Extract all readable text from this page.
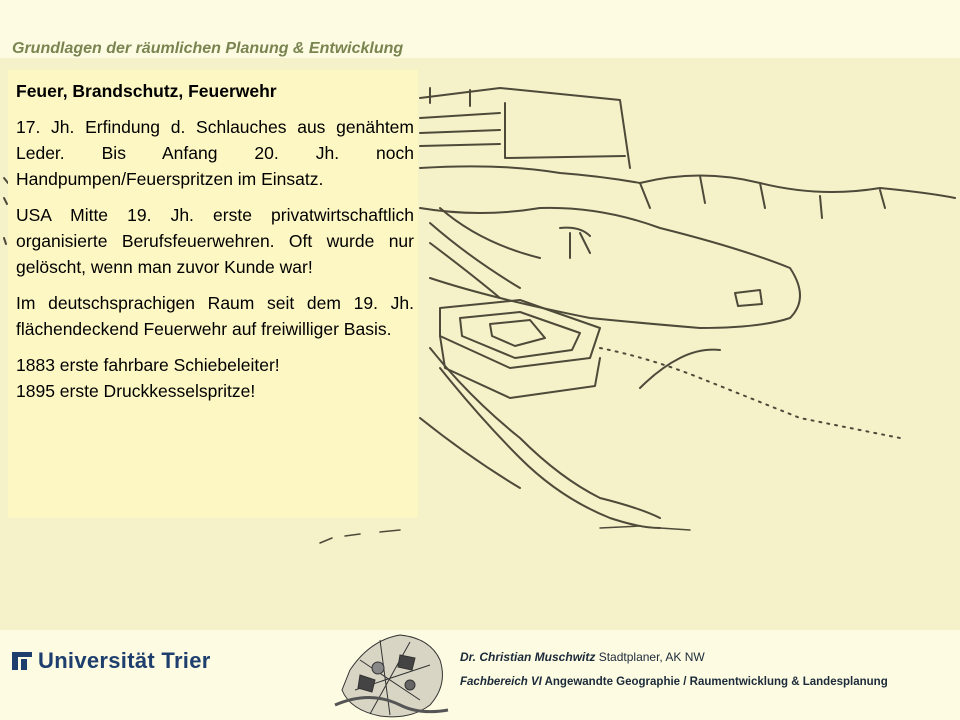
Grundlagen der räumlichen Planung & Entwicklung
Feuer, Brandschutz, Feuerwehr

17. Jh. Erfindung d. Schlauches aus genähtem Leder. Bis Anfang 20. Jh. noch Handpumpen/Feuerspritzen im Einsatz.

USA Mitte 19. Jh. erste privatwirtschaftlich organisierte Berufsfeuerwehren. Oft wurde nur gelöscht, wenn man zuvor Kunde war!

Im deutschsprachigen Raum seit dem 19. Jh. flächendeckend Feuerwehr auf freiwilliger Basis.

1883 erste fahrbare Schiebeleiter!

1895 erste Druckkesselspritze!

Universität Trier	Dr. Christian Muschwitz Stadtplaner, AK NW
Fachbereich VI Angewandte Geographie / Raumentwicklung & Landesplanung
